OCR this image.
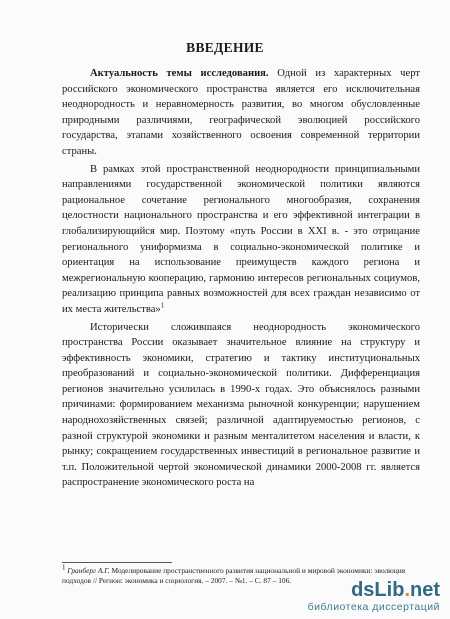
ВВЕДЕНИЕ

Актуальность темы исследования. Одной из характерных черт российского экономического пространства является его исключительная неоднородность и неравномерность развития, во многом обусловленные природными различиями, географической эволюцией российского государства, этапами хозяйственного освоения современной территории страны.

В рамках этой пространственной неоднородности принципиальными направлениями государственной экономической политики являются рациональное сочетание регионального многообразия, сохранения целостности национального пространства и его эффективной интеграции в глобализирующийся мир. Поэтому «путь России в XXI в. - это отрицание регионального униформизма в социально-экономической политике и ориентация на использование преимуществ каждого региона и межрегиональную кооперацию, гармонию интересов региональных социумов, реализацию принципа равных возможностей для всех граждан независимо от их места жительства»$^1$

Исторически сложившаяся неоднородность экономического пространства России оказывает значительное влияние на структуру и эффективность экономики, стратегию и тактику институциональных преобразований и социально-экономической политики. Дифференциация регионов значительно усилилась в 1990-х годах. Это объяснялось разными причинами: формированием механизма рыночной конкуренции; нарушением народнохозяйственных связей; различной адаптируемостью регионов, с разной структурой экономики и разным менталитетом населения и власти, к рынку; сокращением государственных инвестиций в региональное развитие и т.п. Положительной чертой экономической динамики 2000-2008 гг. является распространение экономического роста на

$^1$ Гранберг А.Г. Моделирование пространственного развития национальной и мировой экономики: эволюция подходов // Регион: экономика и социология. – 2007. – №1. – С. 87 – 106.	dsLib.net
библиотека диссертаций
